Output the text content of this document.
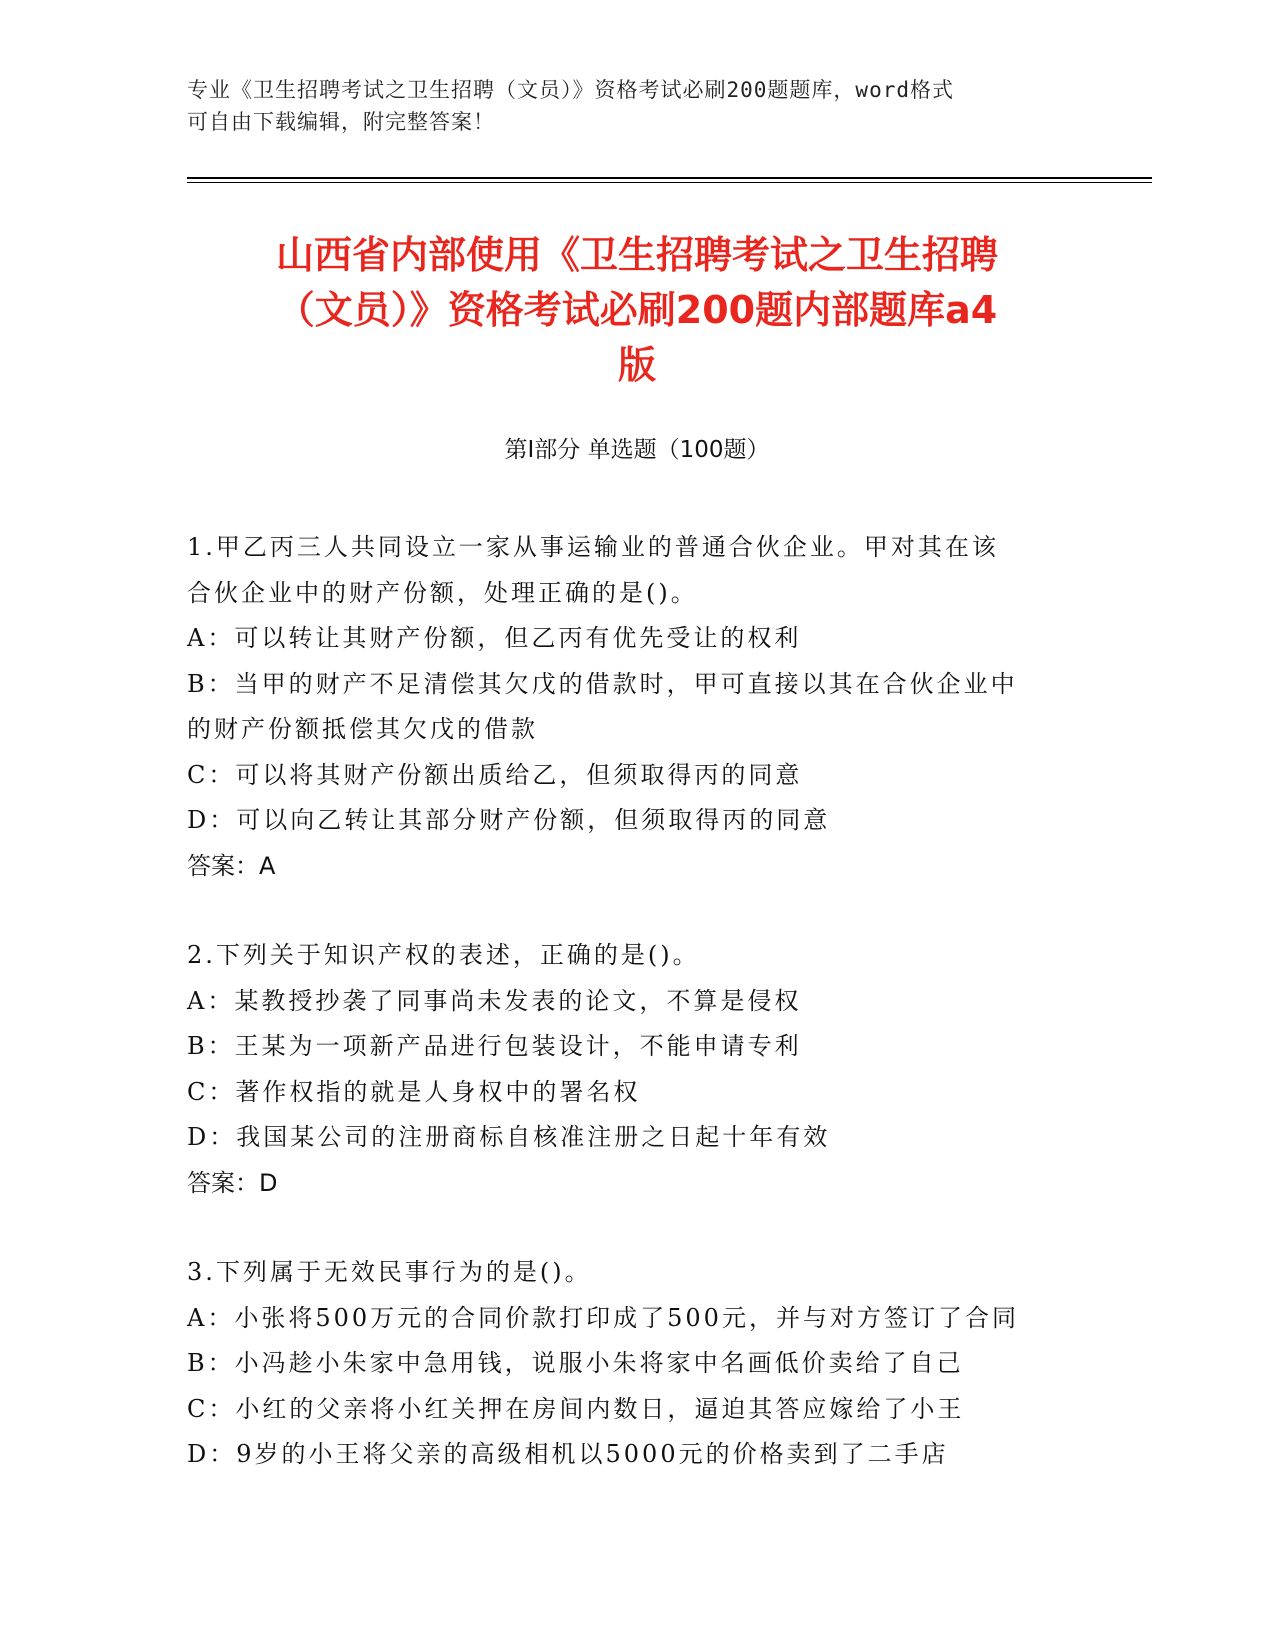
专业《卫生招聘考试之卫生招聘（文员）》资格考试必刷200题题库，word格式
可自由下载编辑，附完整答案！
山西省内部使用《卫生招聘考试之卫生招聘
（文员）》资格考试必刷200题内部题库a4
版
第Ⅰ部分 单选题（100题）
1.甲乙丙三人共同设立一家从事运输业的普通合伙企业。甲对其在该
合伙企业中的财产份额，处理正确的是()。
A：可以转让其财产份额，但乙丙有优先受让的权利
B：当甲的财产不足清偿其欠戊的借款时，甲可直接以其在合伙企业中
的财产份额抵偿其欠戊的借款
C：可以将其财产份额出质给乙，但须取得丙的同意
D：可以向乙转让其部分财产份额，但须取得丙的同意
答案：A
2.下列关于知识产权的表述，正确的是()。
A：某教授抄袭了同事尚未发表的论文，不算是侵权
B：王某为一项新产品进行包装设计，不能申请专利
C：著作权指的就是人身权中的署名权
D：我国某公司的注册商标自核准注册之日起十年有效
答案：D
3.下列属于无效民事行为的是()。
A：小张将500万元的合同价款打印成了500元，并与对方签订了合同
B：小冯趁小朱家中急用钱，说服小朱将家中名画低价卖给了自己
C：小红的父亲将小红关押在房间内数日，逼迫其答应嫁给了小王
D：9岁的小王将父亲的高级相机以5000元的价格卖到了二手店
